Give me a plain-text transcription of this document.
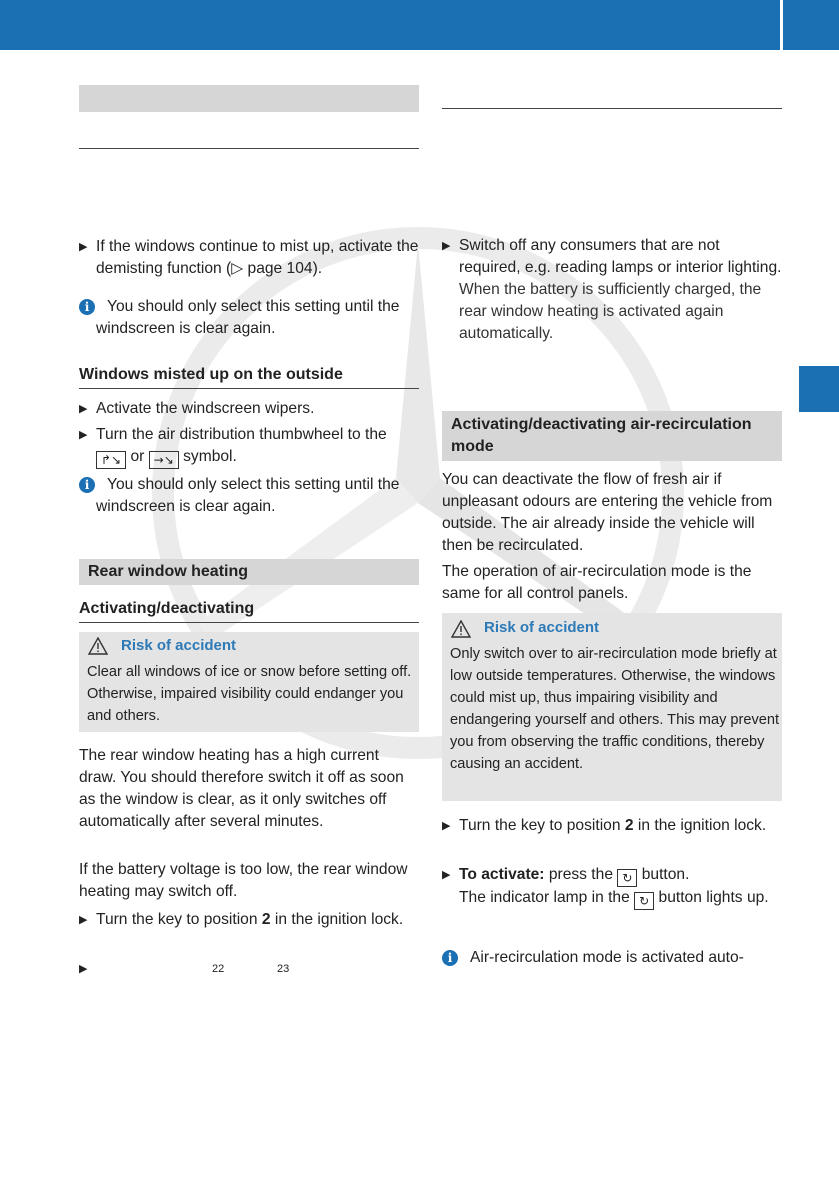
▶ If the windows continue to mist up, activate the demisting function (▷ page 104).
i	You should only select this setting until the windscreen is clear again.
Windows misted up on the outside
▶ Activate the windscreen wipers.
▶ Turn the air distribution thumbwheel to the ↱↘ or →↘ symbol.
i	You should only select this setting until the windscreen is clear again.
Rear window heating
Activating/deactivating
Risk of accident
Clear all windows of ice or snow before setting off. Otherwise, impaired visibility could endanger you and others.
The rear window heating has a high current draw. You should therefore switch it off as soon as the window is clear, as it only switches off automatically after several minutes.
If the battery voltage is too low, the rear window heating may switch off.
▶ Turn the key to position 2 in the ignition lock.
▶	22	23
▶ Switch off any consumers that are not required, e.g. reading lamps or interior lighting.
When the battery is sufficiently charged, the rear window heating is activated again automatically.
Activating/deactivating air-recirculation mode
You can deactivate the flow of fresh air if unpleasant odours are entering the vehicle from outside. The air already inside the vehicle will then be recirculated.
The operation of air-recirculation mode is the same for all control panels.
Risk of accident
Only switch over to air-recirculation mode briefly at low outside temperatures. Otherwise, the windows could mist up, thus impairing visibility and endangering yourself and others. This may prevent you from observing the traffic conditions, thereby causing an accident.
▶ Turn the key to position 2 in the ignition lock.
▶ To activate: press the ↻ button.
The indicator lamp in the ↻ button lights up.
i	Air-recirculation mode is activated auto-
